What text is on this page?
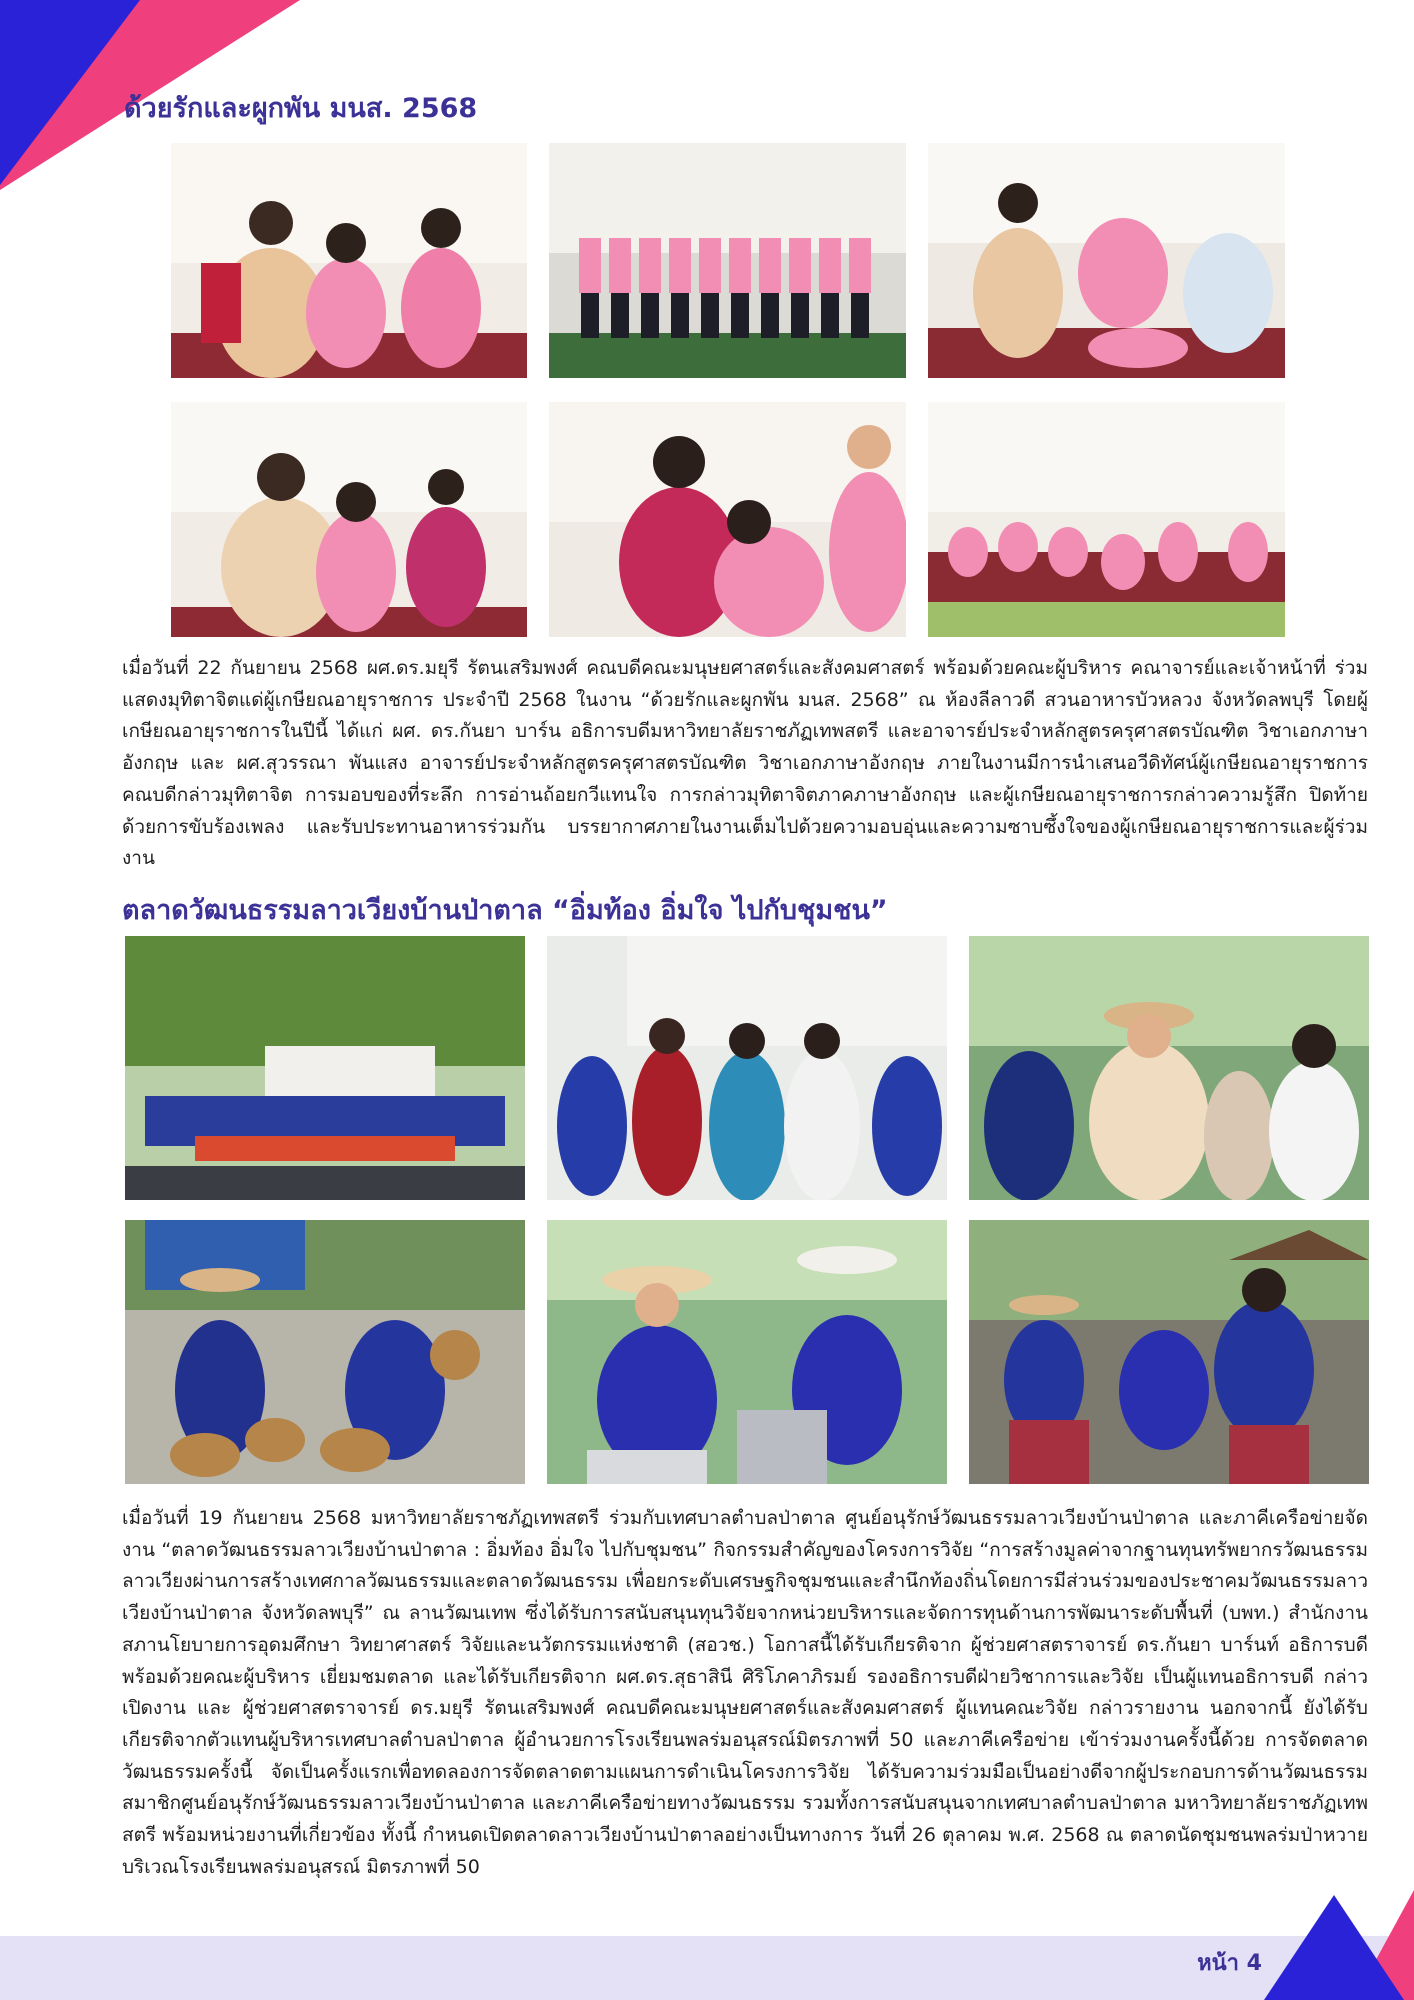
หน้า 4
ด้วยรักและผูกพัน มนส. 2568

เมื่อวันที่ 22 กันยายน 2568 ผศ.ดร.มยุรี รัตนเสริมพงศ์ คณบดีคณะมนุษยศาสตร์และสังคมศาสตร์ พร้อมด้วยคณะผู้บริหาร คณาจารย์และเจ้าหน้าที่ ร่วมแสดงมุทิตาจิตแด่ผู้เกษียณอายุราชการ ประจำปี 2568 ในงาน “ด้วยรักและผูกพัน มนส. 2568” ณ ห้องลีลาวดี สวนอาหารบัวหลวง จังหวัดลพบุรี โดยผู้เกษียณอายุราชการในปีนี้ ได้แก่ ผศ. ดร.กันยา บาร์น อธิการบดีมหาวิทยาลัยราชภัฏเทพสตรี และอาจารย์ประจำหลักสูตรครุศาสตรบัณฑิต วิชาเอกภาษาอังกฤษ และ ผศ.สุวรรณา พันแสง อาจารย์ประจำหลักสูตรครุศาสตรบัณฑิต วิชาเอกภาษาอังกฤษ ภายในงานมีการนำเสนอวีดิทัศน์ผู้เกษียณอายุราชการ คณบดีกล่าวมุทิตาจิต การมอบของที่ระลึก การอ่านถ้อยกวีแทนใจ การกล่าวมุทิตาจิตภาคภาษาอังกฤษ และผู้เกษียณอายุราชการกล่าวความรู้สึก ปิดท้ายด้วยการขับร้องเพลง และรับประทานอาหารร่วมกัน บรรยากาศภายในงานเต็มไปด้วยความอบอุ่นและความซาบซึ้งใจของผู้เกษียณอายุราชการและผู้ร่วมงาน

ตลาดวัฒนธรรมลาวเวียงบ้านป่าตาล “อิ่มท้อง อิ่มใจ ไปกับชุมชน”

เมื่อวันที่ 19 กันยายน 2568 มหาวิทยาลัยราชภัฏเทพสตรี ร่วมกับเทศบาลตำบลป่าตาล ศูนย์อนุรักษ์วัฒนธรรมลาวเวียงบ้านป่าตาล และภาคีเครือข่ายจัดงาน “ตลาดวัฒนธรรมลาวเวียงบ้านป่าตาล : อิ่มท้อง อิ่มใจ ไปกับชุมชน” กิจกรรมสำคัญของโครงการวิจัย “การสร้างมูลค่าจากฐานทุนทรัพยากรวัฒนธรรมลาวเวียงผ่านการสร้างเทศกาลวัฒนธรรมและตลาดวัฒนธรรม เพื่อยกระดับเศรษฐกิจชุมชนและสำนึกท้องถิ่นโดยการมีส่วนร่วมของประชาคมวัฒนธรรมลาวเวียงบ้านป่าตาล จังหวัดลพบุรี” ณ ลานวัฒนเทพ ซึ่งได้รับการสนับสนุนทุนวิจัยจากหน่วยบริหารและจัดการทุนด้านการพัฒนาระดับพื้นที่ (บพท.) สำนักงานสภานโยบายการอุดมศึกษา วิทยาศาสตร์ วิจัยและนวัตกรรมแห่งชาติ (สอวช.) โอกาสนี้ได้รับเกียรติจาก ผู้ช่วยศาสตราจารย์ ดร.กันยา บาร์นท์ อธิการบดี พร้อมด้วยคณะผู้บริหาร เยี่ยมชมตลาด และได้รับเกียรติจาก ผศ.ดร.สุธาสินี ศิริโภคาภิรมย์ รองอธิการบดีฝ่ายวิชาการและวิจัย เป็นผู้แทนอธิการบดี กล่าวเปิดงาน และ ผู้ช่วยศาสตราจารย์ ดร.มยุรี รัตนเสริมพงศ์ คณบดีคณะมนุษยศาสตร์และสังคมศาสตร์ ผู้แทนคณะวิจัย กล่าวรายงาน นอกจากนี้ ยังได้รับเกียรติจากตัวแทนผู้บริหารเทศบาลตำบลป่าตาล ผู้อำนวยการโรงเรียนพลร่มอนุสรณ์มิตรภาพที่ 50 และภาคีเครือข่าย เข้าร่วมงานครั้งนี้ด้วย การจัดตลาดวัฒนธรรมครั้งนี้ จัดเป็นครั้งแรกเพื่อทดลองการจัดตลาดตามแผนการดำเนินโครงการวิจัย ได้รับความร่วมมือเป็นอย่างดีจากผู้ประกอบการด้านวัฒนธรรม สมาชิกศูนย์อนุรักษ์วัฒนธรรมลาวเวียงบ้านป่าตาล และภาคีเครือข่ายทางวัฒนธรรม รวมทั้งการสนับสนุนจากเทศบาลตำบลป่าตาล มหาวิทยาลัยราชภัฏเทพสตรี พร้อมหน่วยงานที่เกี่ยวข้อง ทั้งนี้ กำหนดเปิดตลาดลาวเวียงบ้านป่าตาลอย่างเป็นทางการ วันที่ 26 ตุลาคม พ.ศ. 2568 ณ ตลาดนัดชุมชนพลร่มป่าหวาย บริเวณโรงเรียนพลร่มอนุสรณ์ มิตรภาพที่ 50
